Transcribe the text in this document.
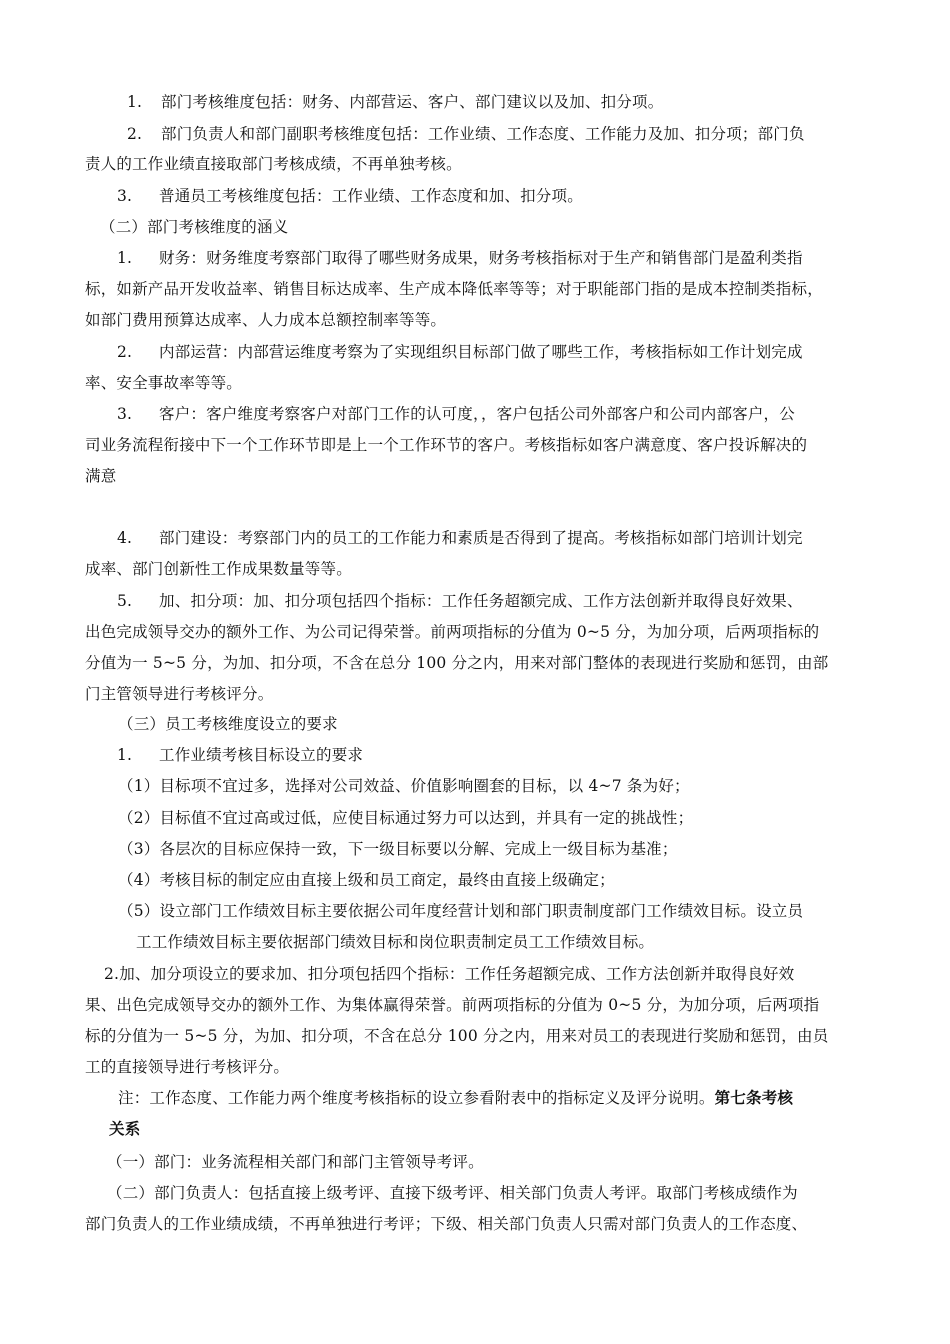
1. 部门考核维度包括：财务、内部营运、客户、部门建议以及加、扣分项。
2. 部门负责人和部门副职考核维度包括：工作业绩、工作态度、工作能力及加、扣分项；部门负
责人的工作业绩直接取部门考核成绩，不再单独考核。
3. 普通员工考核维度包括：工作业绩、工作态度和加、扣分项。
（二）部门考核维度的涵义
1. 财务：财务维度考察部门取得了哪些财务成果，财务考核指标对于生产和销售部门是盈利类指
标，如新产品开发收益率、销售目标达成率、生产成本降低率等等；对于职能部门指的是成本控制类指标，
如部门费用预算达成率、人力成本总额控制率等等。
2. 内部运营：内部营运维度考察为了实现组织目标部门做了哪些工作，考核指标如工作计划完成
率、安全事故率等等。
3. 客户：客户维度考察客户对部门工作的认可度，，客户包括公司外部客户和公司内部客户，公
司业务流程衔接中下一个工作环节即是上一个工作环节的客户。考核指标如客户满意度、客户投诉解决的
满意
4. 部门建设：考察部门内的员工的工作能力和素质是否得到了提高。考核指标如部门培训计划完
成率、部门创新性工作成果数量等等。
5. 加、扣分项：加、扣分项包括四个指标：工作任务超额完成、工作方法创新并取得良好效果、
出色完成领导交办的额外工作、为公司记得荣誉。前两项指标的分值为 0~5 分，为加分项，后两项指标的
分值为一 5~5 分，为加、扣分项，不含在总分 100 分之内，用来对部门整体的表现进行奖励和惩罚，由部
门主管领导进行考核评分。
（三）员工考核维度设立的要求
1. 工作业绩考核目标设立的要求
（1）目标项不宜过多，选择对公司效益、价值影响圈套的目标，以 4~7 条为好；
（2）目标值不宜过高或过低，应使目标通过努力可以达到，并具有一定的挑战性；
（3）各层次的目标应保持一致，下一级目标要以分解、完成上一级目标为基准；
（4）考核目标的制定应由直接上级和员工商定，最终由直接上级确定；
（5）设立部门工作绩效目标主要依据公司年度经营计划和部门职责制度部门工作绩效目标。设立员
工工作绩效目标主要依据部门绩效目标和岗位职责制定员工工作绩效目标。
2.加、加分项设立的要求加、扣分项包括四个指标：工作任务超额完成、工作方法创新并取得良好效
果、出色完成领导交办的额外工作、为集体赢得荣誉。前两项指标的分值为 0~5 分，为加分项，后两项指
标的分值为一 5~5 分，为加、扣分项，不含在总分 100 分之内，用来对员工的表现进行奖励和惩罚，由员
工的直接领导进行考核评分。
注：工作态度、工作能力两个维度考核指标的设立参看附表中的指标定义及评分说明。第七条考核
关系
（一）部门：业务流程相关部门和部门主管领导考评。
（二）部门负责人：包括直接上级考评、直接下级考评、相关部门负责人考评。取部门考核成绩作为
部门负责人的工作业绩成绩，不再单独进行考评；下级、相关部门负责人只需对部门负责人的工作态度、
